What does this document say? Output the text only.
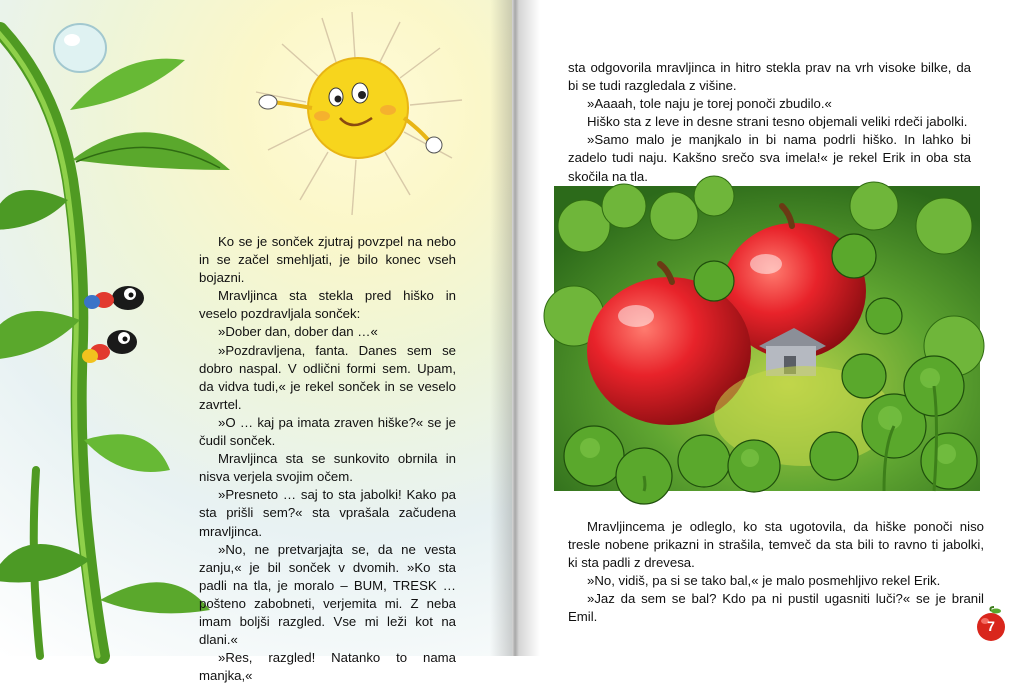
Ko se je sonček zjutraj povzpel na nebo in se začel smehljati, je bilo konec vseh bojazni.

Mravljinca sta stekla pred hiško in veselo pozdravljala sonček:

»Dober dan, dober dan …«

»Pozdravljena, fanta. Danes sem se dobro naspal. V odlični formi sem. Upam, da vidva tudi,« je rekel sonček in se veselo zavrtel.

»O … kaj pa imata zraven hiške?« se je čudil sonček.

Mravljinca sta se sunkovito obrnila in nisva verjela svojim očem.

»Presneto … saj to sta jabolki! Kako pa sta prišli sem?« sta vprašala začudena mravljinca.

»No, ne pretvarjajta se, da ne vesta zanju,« je bil sonček v dvomih. »Ko sta padli na tla, je moralo – BUM, TRESK … pošteno zabobneti, verjemita mi. Z neba imam boljši razgled. Vse mi leži kot na dlani.«

»Res, razgled! Natanko to nama manjka,«

sta odgovorila mravljinca in hitro stekla prav na vrh visoke bilke, da bi se tudi razgledala z višine.

»Aaaah, tole naju je torej ponoči zbudilo.«

Hiško sta z leve in desne strani tesno objemali veliki rdeči jabolki.

»Samo malo je manjkalo in bi nama podrli hiško. In lahko bi zadelo tudi naju. Kakšno srečo sva imela!« je rekel Erik in oba sta skočila na tla.

Mravljincema je odleglo, ko sta ugotovila, da hiške ponoči niso tresle nobene prikazni in strašila, temveč da sta bili to ravno ti jabolki, ki sta padli z drevesa.

»No, vidiš, pa si se tako bal,« je malo posmehljivo rekel Erik.

»Jaz da sem se bal? Kdo pa ni pustil ugasniti luči?« se je branil Emil.

7
